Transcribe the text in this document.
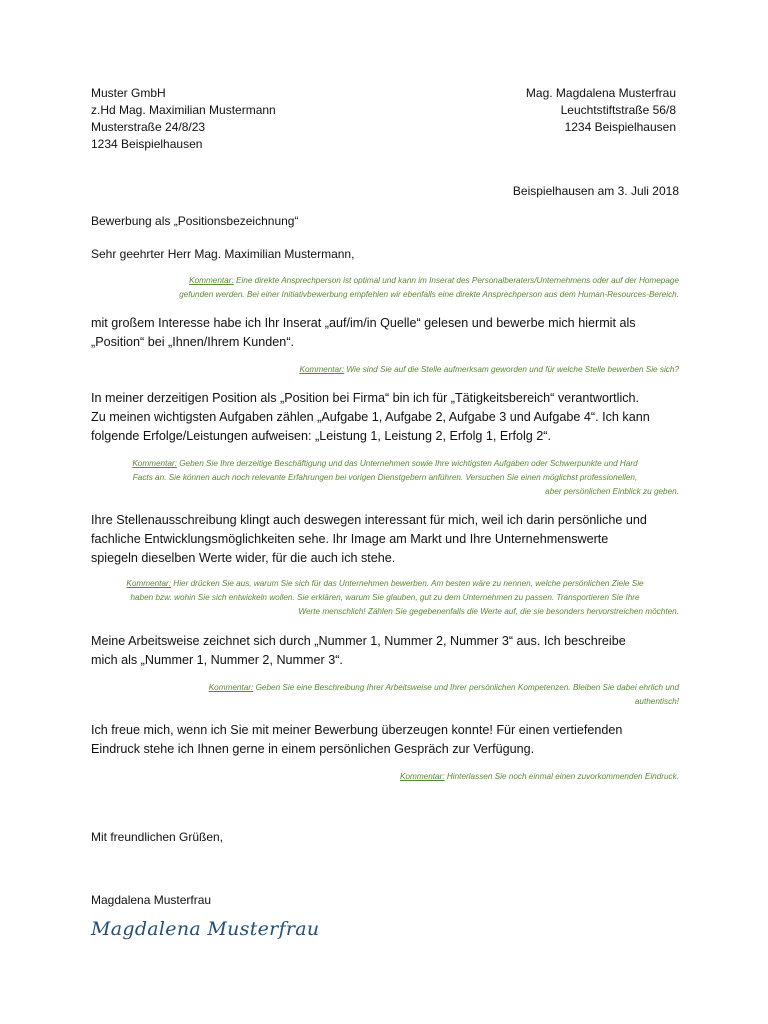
Muster GmbH
z.Hd Mag. Maximilian Mustermann
Musterstraße 24/8/23
1234 Beispielhausen
Mag. Magdalena Musterfrau
Leuchtstiftstraße 56/8
1234 Beispielhausen
Beispielhausen am 3. Juli 2018
Bewerbung als „Positionsbezeichnung“
Sehr geehrter Herr Mag. Maximilian Mustermann,

Kommentar: Eine direkte Ansprechperson ist optimal und kann im Inserat des Personalberaters/Unternehmens oder auf der Homepage

gefunden werden. Bei einer Initiativbewerbung empfehlen wir ebenfalls eine direkte Ansprechperson aus dem Human-Resources-Bereich.

mit großem Interesse habe ich Ihr Inserat „auf/im/in Quelle“ gelesen und bewerbe mich hiermit als

„Position“ bei „Ihnen/Ihrem Kunden“.

Kommentar: Wie sind Sie auf die Stelle aufmerksam geworden und für welche Stelle bewerben Sie sich?

In meiner derzeitigen Position als „Position bei Firma“ bin ich für „Tätigkeitsbereich“ verantwortlich.

Zu meinen wichtigsten Aufgaben zählen „Aufgabe 1, Aufgabe 2, Aufgabe 3 und Aufgabe 4“. Ich kann

folgende Erfolge/Leistungen aufweisen: „Leistung 1, Leistung 2, Erfolg 1, Erfolg 2“.

Kommentar: Geben Sie Ihre derzeitige Beschäftigung und das Unternehmen sowie Ihre wichtigsten Aufgaben oder Schwerpunkte und Hard

Facts an. Sie können auch noch relevante Erfahrungen bei vorigen Dienstgebern anführen. Versuchen Sie einen möglichst professionellen,

aber persönlichen Einblick zu geben.

Ihre Stellenausschreibung klingt auch deswegen interessant für mich, weil ich darin persönliche und

fachliche Entwicklungsmöglichkeiten sehe. Ihr Image am Markt und Ihre Unternehmenswerte

spiegeln dieselben Werte wider, für die auch ich stehe.

Kommentar: Hier drücken Sie aus, warum Sie sich für das Unternehmen bewerben. Am besten wäre zu nennen, welche persönlichen Ziele Sie

haben bzw. wohin Sie sich entwickeln wollen. Sie erklären, warum Sie glauben, gut zu dem Unternehmen zu passen. Transportieren Sie Ihre

Werte menschlich! Zählen Sie gegebenenfalls die Werte auf, die sie besonders hervorstreichen möchten.

Meine Arbeitsweise zeichnet sich durch „Nummer 1, Nummer 2, Nummer 3“ aus. Ich beschreibe

mich als „Nummer 1, Nummer 2, Nummer 3“.

Kommentar: Geben Sie eine Beschreibung Ihrer Arbeitsweise und Ihrer persönlichen Kompetenzen. Bleiben Sie dabei ehrlich und

authentisch!

Ich freue mich, wenn ich Sie mit meiner Bewerbung überzeugen konnte! Für einen vertiefenden

Eindruck stehe ich Ihnen gerne in einem persönlichen Gespräch zur Verfügung.

Kommentar: Hinterlassen Sie noch einmal einen zuvorkommenden Eindruck.

Mit freundlichen Grüßen,
Magdalena Musterfrau
Magdalena Musterfrau
